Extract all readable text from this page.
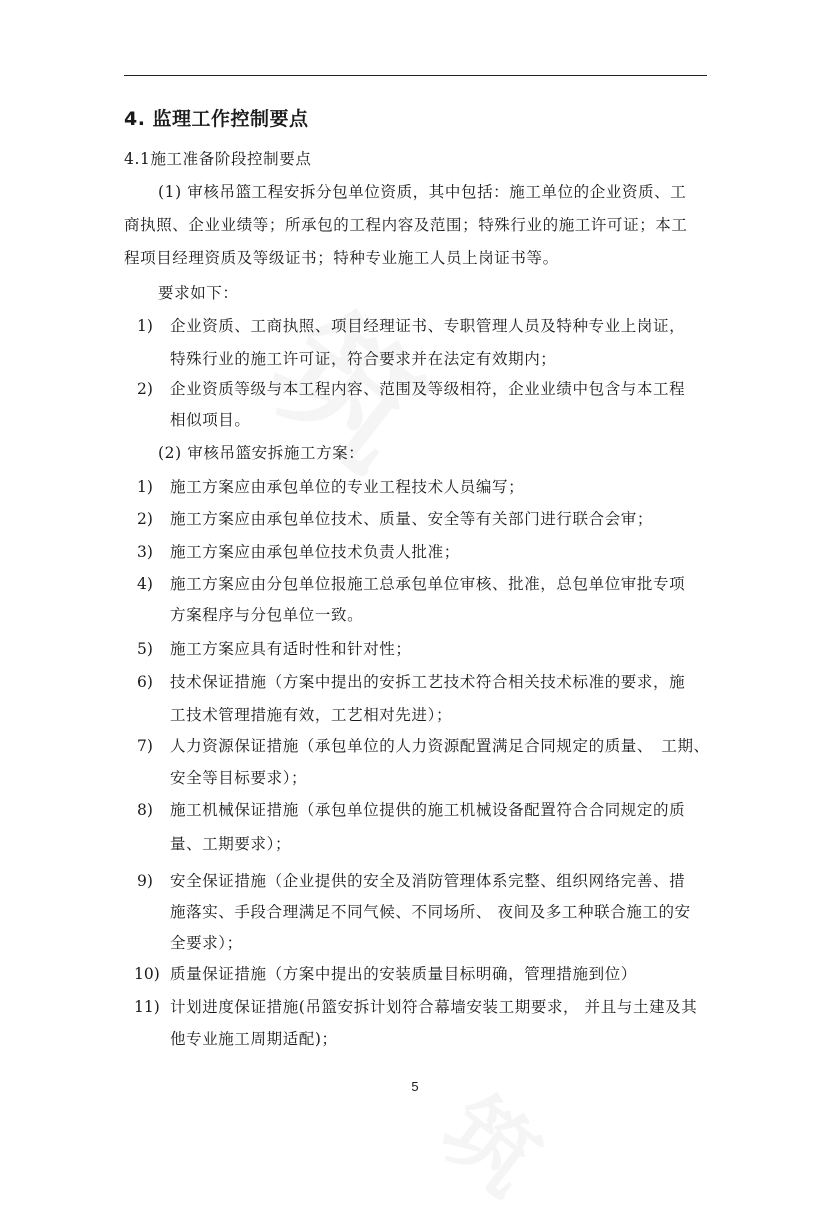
4. 监理工作控制要点
4.1施工准备阶段控制要点
(1) 审核吊篮工程安拆分包单位资质，其中包括：施工单位的企业资质、工
商执照、企业业绩等；所承包的工程内容及范围；特殊行业的施工许可证；本工
程项目经理资质及等级证书；特种专业施工人员上岗证书等。
要求如下：
1) 企业资质、工商执照、项目经理证书、专职管理人员及特种专业上岗证，
特殊行业的施工许可证，符合要求并在法定有效期内；
2) 企业资质等级与本工程内容、范围及等级相符，企业业绩中包含与本工程
相似项目。
(2) 审核吊篮安拆施工方案：
1) 施工方案应由承包单位的专业工程技术人员编写；
2) 施工方案应由承包单位技术、质量、安全等有关部门进行联合会审；
3) 施工方案应由承包单位技术负责人批准；
4) 施工方案应由分包单位报施工总承包单位审核、批准，总包单位审批专项
方案程序与分包单位一致。
5) 施工方案应具有适时性和针对性；
6) 技术保证措施（方案中提出的安拆工艺技术符合相关技术标准的要求，施
工技术管理措施有效，工艺相对先进）；
7) 人力资源保证措施（承包单位的人力资源配置满足合同规定的质量、　工期、
安全等目标要求）；
8) 施工机械保证措施（承包单位提供的施工机械设备配置符合合同规定的质
量、工期要求）；
9) 安全保证措施（企业提供的安全及消防管理体系完整、组织网络完善、措
施落实、手段合理满足不同气候、不同场所、 夜间及多工种联合施工的安
全要求）；
10) 质量保证措施（方案中提出的安装质量目标明确，管理措施到位）
11) 计划进度保证措施(吊篮安拆计划符合幕墙安装工期要求， 并且与土建及其
他专业施工周期适配)；
5
